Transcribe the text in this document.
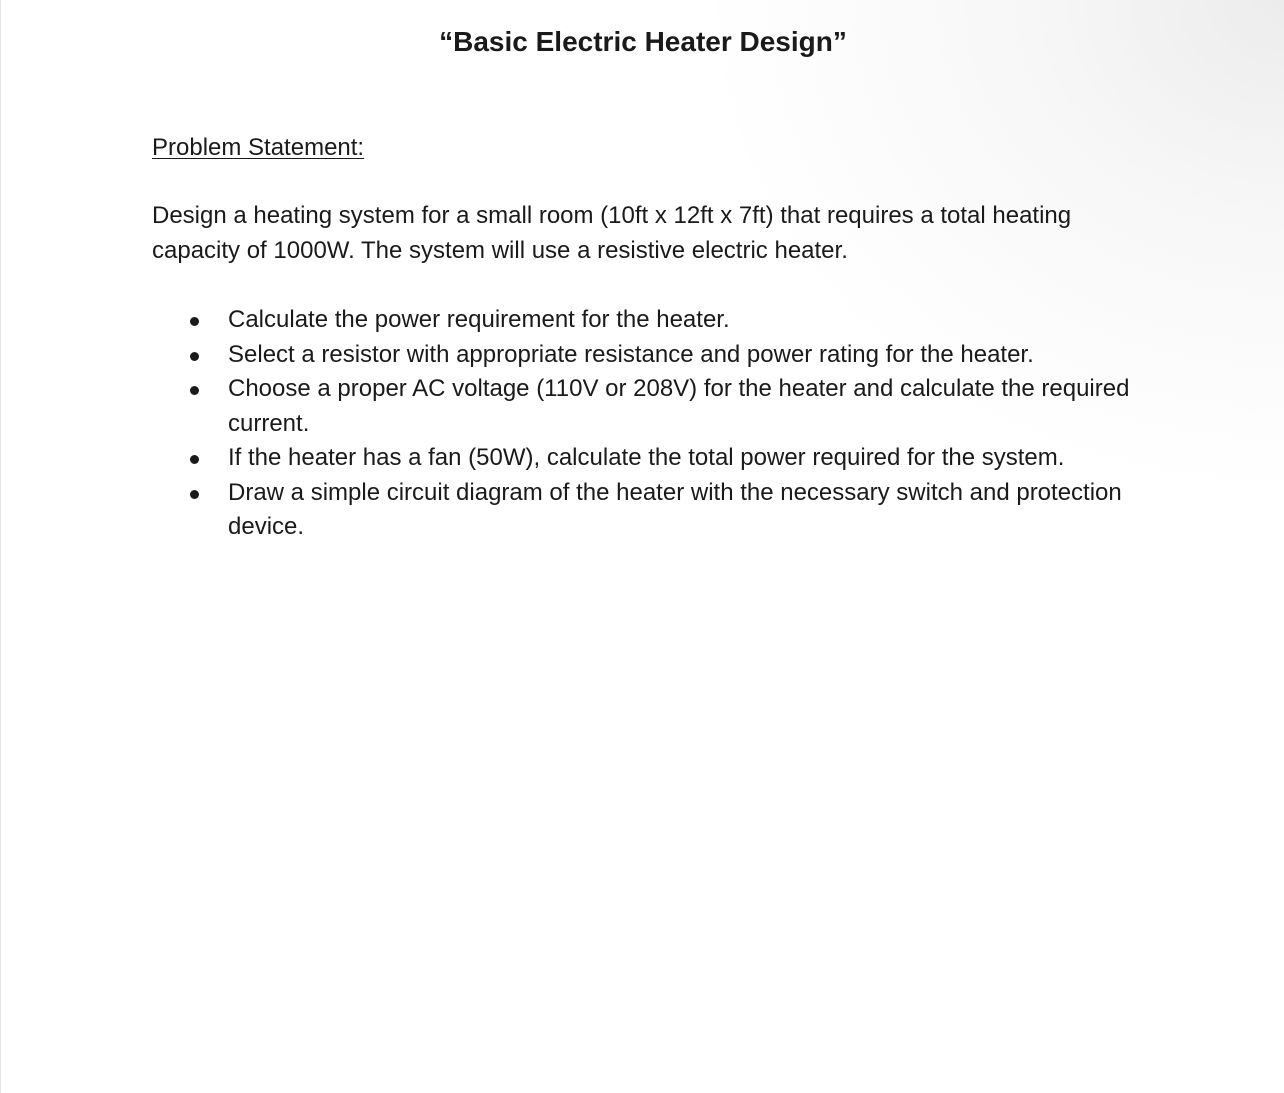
“Basic Electric Heater Design”
Problem Statement:

Design a heating system for a small room (10ft x 12ft x 7ft) that requires a total heating capacity of 1000W. The system will use a resistive electric heater.

Calculate the power requirement for the heater.
Select a resistor with appropriate resistance and power rating for the heater.
Choose a proper AC voltage (110V or 208V) for the heater and calculate the required current.
If the heater has a fan (50W), calculate the total power required for the system.
Draw a simple circuit diagram of the heater with the necessary switch and protection device.
